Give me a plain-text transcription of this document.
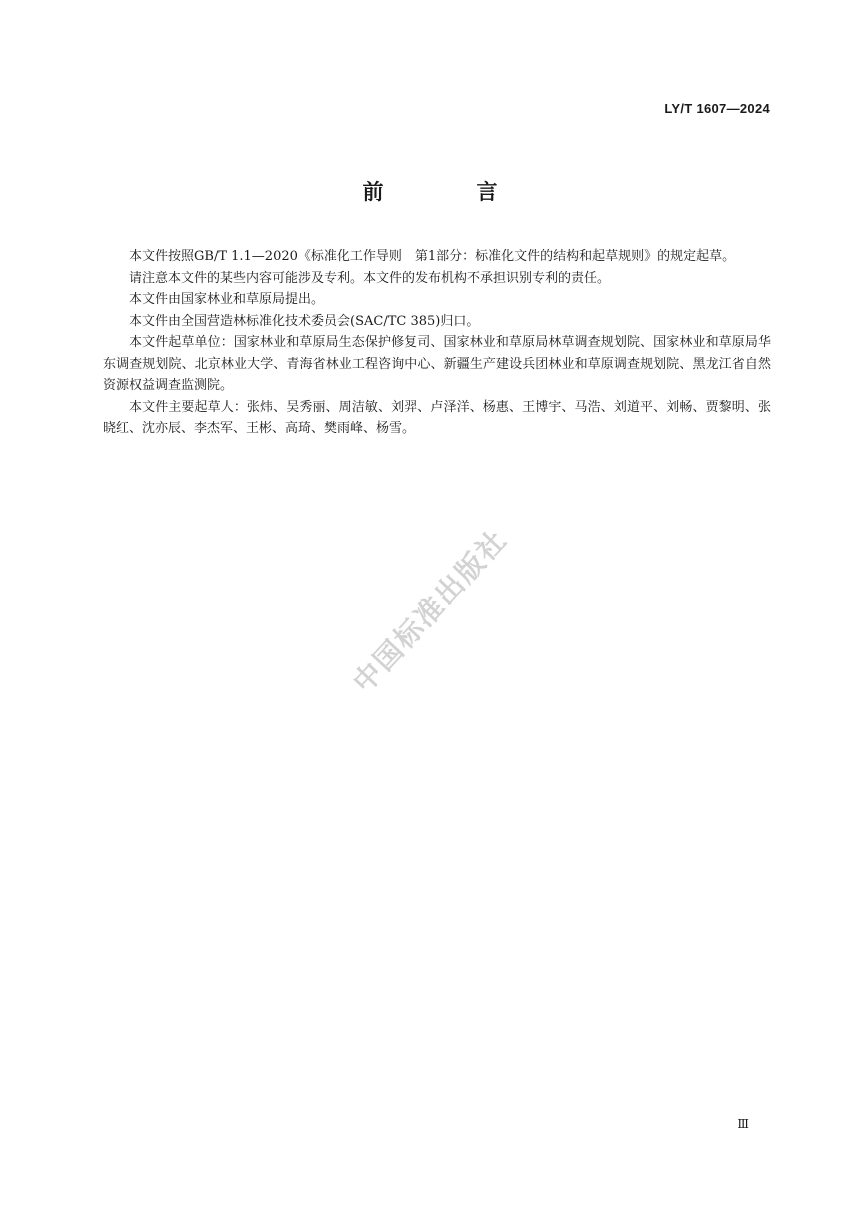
LY/T 1607—2024
前　言

本文件按照GB/T 1.1—2020《标准化工作导则　第1部分：标准化文件的结构和起草规则》的规定起草。

请注意本文件的某些内容可能涉及专利。本文件的发布机构不承担识别专利的责任。

本文件由国家林业和草原局提出。

本文件由全国营造林标准化技术委员会(SAC/TC 385)归口。

本文件起草单位：国家林业和草原局生态保护修复司、国家林业和草原局林草调查规划院、国家林业和草原局华东调查规划院、北京林业大学、青海省林业工程咨询中心、新疆生产建设兵团林业和草原调查规划院、黑龙江省自然资源权益调查监测院。

本文件主要起草人：张炜、吴秀丽、周洁敏、刘羿、卢泽洋、杨惠、王博宇、马浩、刘道平、刘畅、贾黎明、张晓红、沈亦辰、李杰军、王彬、高琦、樊雨峰、杨雪。

中国标准出版社
Ⅲ
